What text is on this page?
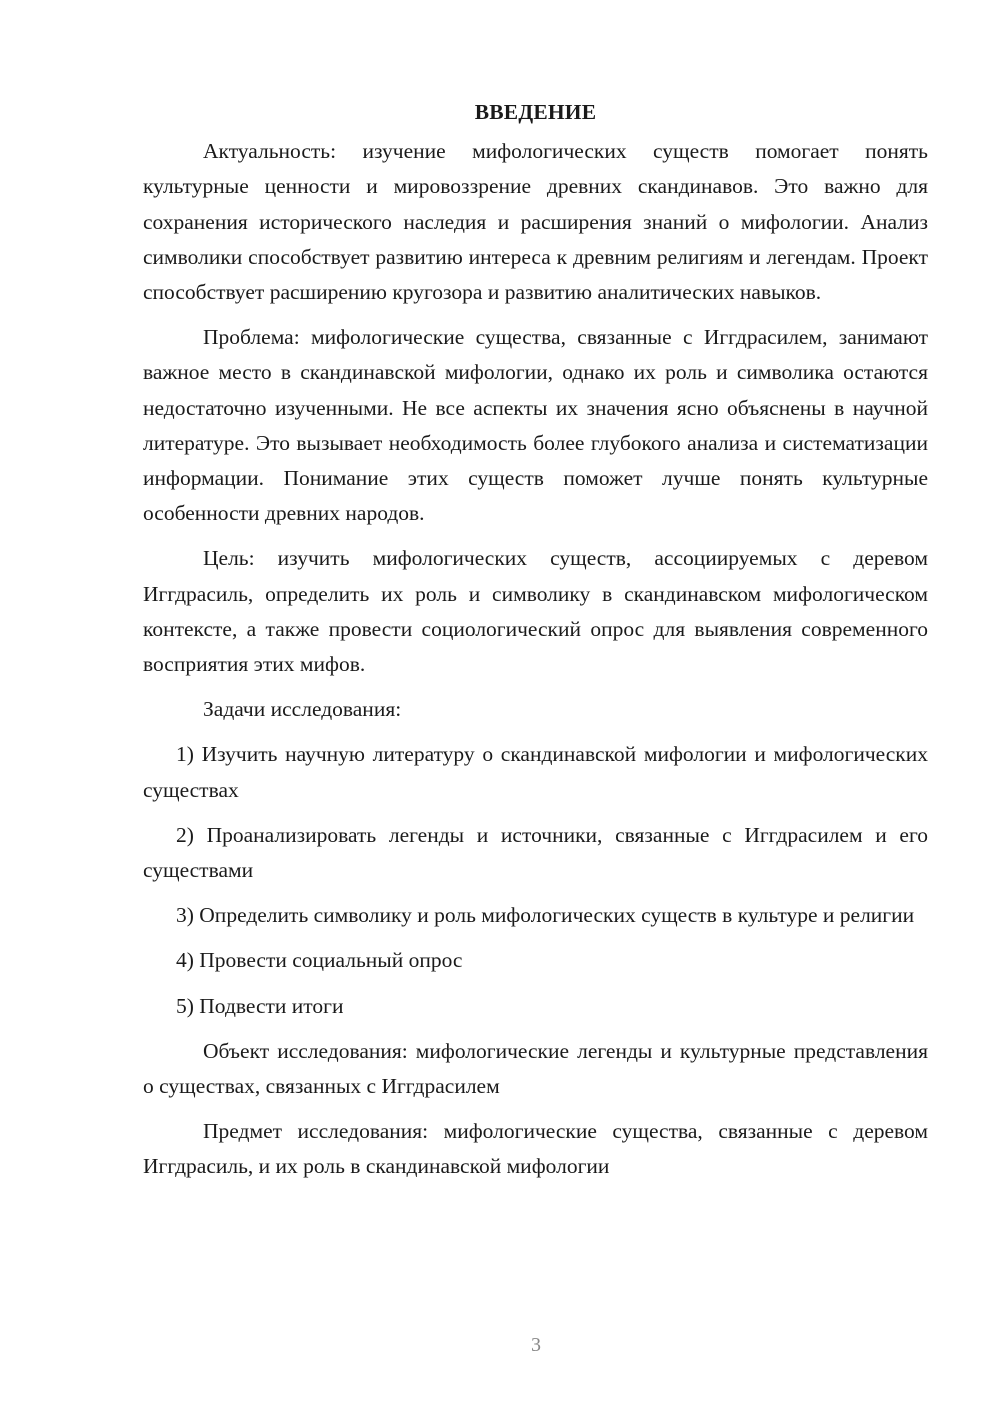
ВВЕДЕНИЕ

Актуальность: изучение мифологических существ помогает понять культурные ценности и мировоззрение древних скандинавов. Это важно для сохранения исторического наследия и расширения знаний о мифологии. Анализ символики способствует развитию интереса к древним религиям и легендам. Проект способствует расширению кругозора и развитию аналитических навыков.

Проблема: мифологические существа, связанные с Иггдрасилем, занимают важное место в скандинавской мифологии, однако их роль и символика остаются недостаточно изученными. Не все аспекты их значения ясно объяснены в научной литературе. Это вызывает необходимость более глубокого анализа и систематизации информации. Понимание этих существ поможет лучше понять культурные особенности древних народов.

Цель: изучить мифологических существ, ассоциируемых с деревом Иггдрасиль, определить их роль и символику в скандинавском мифологическом контексте, а также провести социологический опрос для выявления современного восприятия этих мифов.

Задачи исследования:

1) Изучить научную литературу о скандинавской мифологии и мифологических существах

2) Проанализировать легенды и источники, связанные с Иггдрасилем и его существами

3) Определить символику и роль мифологических существ в культуре и религии

4) Провести социальный опрос

5) Подвести итоги

Объект исследования: мифологические легенды и культурные представления о существах, связанных с Иггдрасилем

Предмет исследования: мифологические существа, связанные с деревом Иггдрасиль, и их роль в скандинавской мифологии

3
